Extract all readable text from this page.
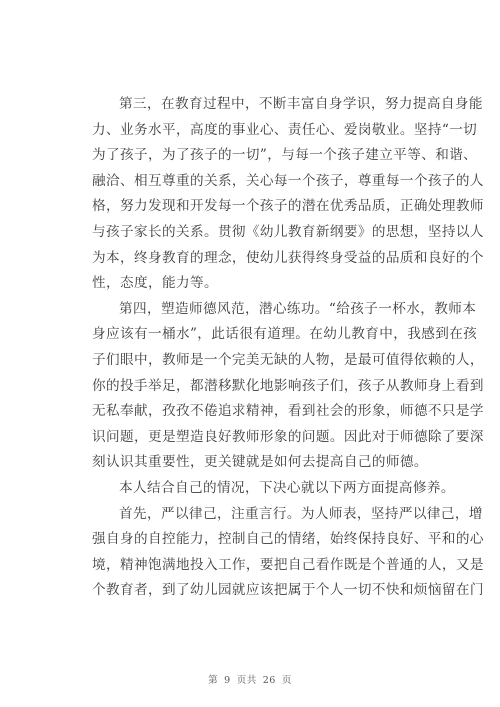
第三，在教育过程中，不断丰富自身学识，努力提高自身能
力、业务水平，高度的事业心、责任心、爱岗敬业。坚持“一切
为了孩子，为了孩子的一切”，与每一个孩子建立平等、和谐、
融洽、相互尊重的关系，关心每一个孩子，尊重每一个孩子的人
格，努力发现和开发每一个孩子的潜在优秀品质，正确处理教师
与孩子家长的关系。贯彻《幼儿教育新纲要》的思想，坚持以人
为本，终身教育的理念，使幼儿获得终身受益的品质和良好的个
性，态度，能力等。
第四，塑造师德风范，潜心练功。“给孩子一杯水，教师本
身应该有一桶水”，此话很有道理。在幼儿教育中，我感到在孩
子们眼中，教师是一个完美无缺的人物，是最可值得依赖的人，
你的投手举足，都潜移默化地影响孩子们，孩子从教师身上看到
无私奉献，孜孜不倦追求精神，看到社会的形象，师德不只是学
识问题，更是塑造良好教师形象的问题。因此对于师德除了要深
刻认识其重要性，更关键就是如何去提高自己的师德。
本人结合自己的情况，下决心就以下两方面提高修养。
首先，严以律己，注重言行。为人师表，坚持严以律己，增
强自身的自控能力，控制自己的情绪，始终保持良好、平和的心
境，精神饱满地投入工作，要把自己看作既是个普通的人，又是
个教育者，到了幼儿园就应该把属于个人一切不快和烦恼留在门
第 9 页共 26 页
